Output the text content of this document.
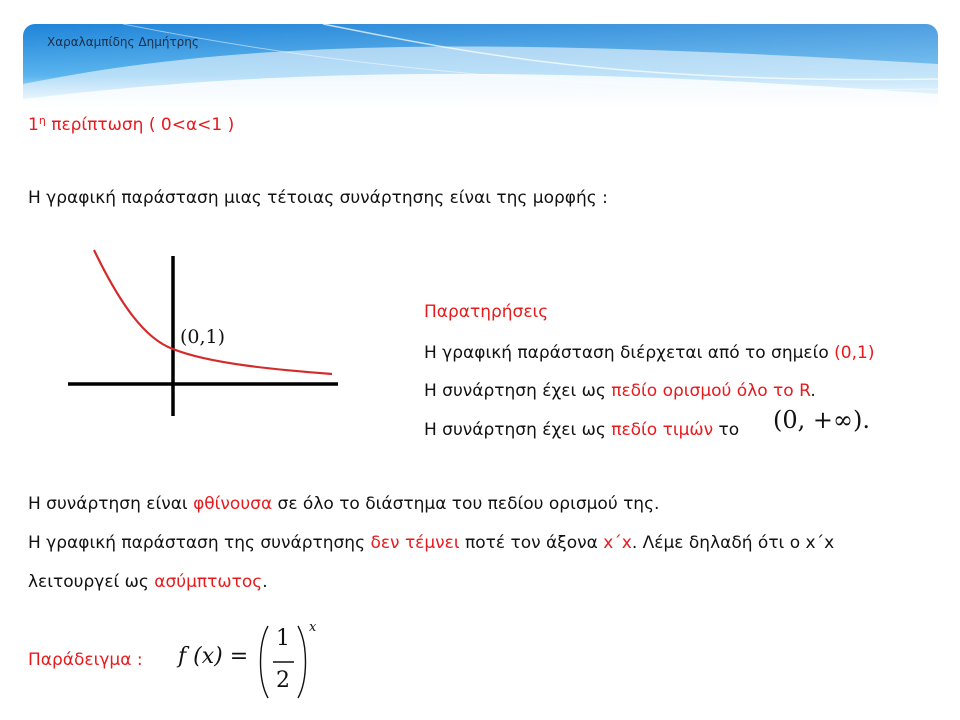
Χαραλαμπίδης Δημήτρης
$1^\eta$ περίπτωση ( 0<α<1 )
Η γραφική παράσταση μιας τέτοιας συνάρτησης είναι της μορφής :
(0,1)
Παρατηρήσεις
Η γραφική παράσταση διέρχεται από το σημείο (0,1)
Η συνάρτηση έχει ως πεδίο ορισμού όλο το R.
Η συνάρτηση έχει ως πεδίο τιμών το (0, +∞).
Η συνάρτηση είναι φθίνουσα σε όλο το διάστημα του πεδίου ορισμού της.
Η γραφική παράσταση της συνάρτησης δεν τέμνει ποτέ τον άξονα x΄x. Λέμε δηλαδή ότι ο x΄x
λειτουργεί ως ασύμπτωτος.
Παράδειγμα : f (x) =
1
2
x
